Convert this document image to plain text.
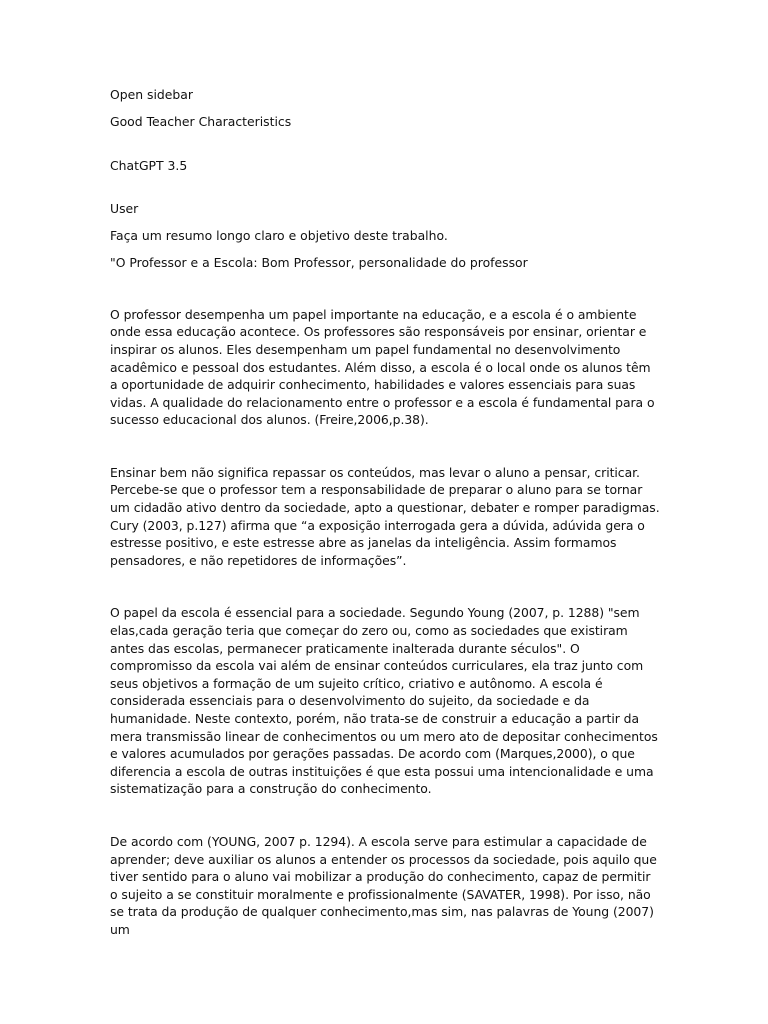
Open sidebar
Good Teacher Characteristics
ChatGPT 3.5
User
Faça um resumo longo claro e objetivo deste trabalho.
"O Professor e a Escola: Bom Professor, personalidade do professor

O professor desempenha um papel importante na educação, e a escola é o ambiente onde essa educação acontece. Os professores são responsáveis por ensinar, orientar e inspirar os alunos. Eles desempenham um papel fundamental no desenvolvimento acadêmico e pessoal dos estudantes. Além disso, a escola é o local onde os alunos têm a oportunidade de adquirir conhecimento, habilidades e valores essenciais para suas vidas. A qualidade do relacionamento entre o professor e a escola é fundamental para o sucesso educacional dos alunos. (Freire,2006,p.38).

Ensinar bem não significa repassar os conteúdos, mas levar o aluno a pensar, criticar. Percebe-se que o professor tem a responsabilidade de preparar o aluno para se tornar um cidadão ativo dentro da sociedade, apto a questionar, debater e romper paradigmas. Cury (2003, p.127) afirma que “a exposição interrogada gera a dúvida, adúvida gera o estresse positivo, e este estresse abre as janelas da inteligência. Assim formamos pensadores, e não repetidores de informações”.

O papel da escola é essencial para a sociedade. Segundo Young (2007, p. 1288) "sem elas,cada geração teria que começar do zero ou, como as sociedades que existiram antes das escolas, permanecer praticamente inalterada durante séculos". O compromisso da escola vai além de ensinar conteúdos curriculares, ela traz junto com seus objetivos a formação de um sujeito crítico, criativo e autônomo. A escola é considerada essenciais para o desenvolvimento do sujeito, da sociedade e da humanidade. Neste contexto, porém, não trata-se de construir a educação a partir da mera transmissão linear de conhecimentos ou um mero ato de depositar conhecimentos e valores acumulados por gerações passadas. De acordo com (Marques,2000), o que diferencia a escola de outras instituições é que esta possui uma intencionalidade e uma sistematização para a construção do conhecimento.

De acordo com (YOUNG, 2007 p. 1294). A escola serve para estimular a capacidade de aprender; deve auxiliar os alunos a entender os processos da sociedade, pois aquilo que tiver sentido para o aluno vai mobilizar a produção do conhecimento, capaz de permitir o sujeito a se constituir moralmente e profissionalmente (SAVATER, 1998). Por isso, não se trata da produção de qualquer conhecimento,mas sim, nas palavras de Young (2007) um
